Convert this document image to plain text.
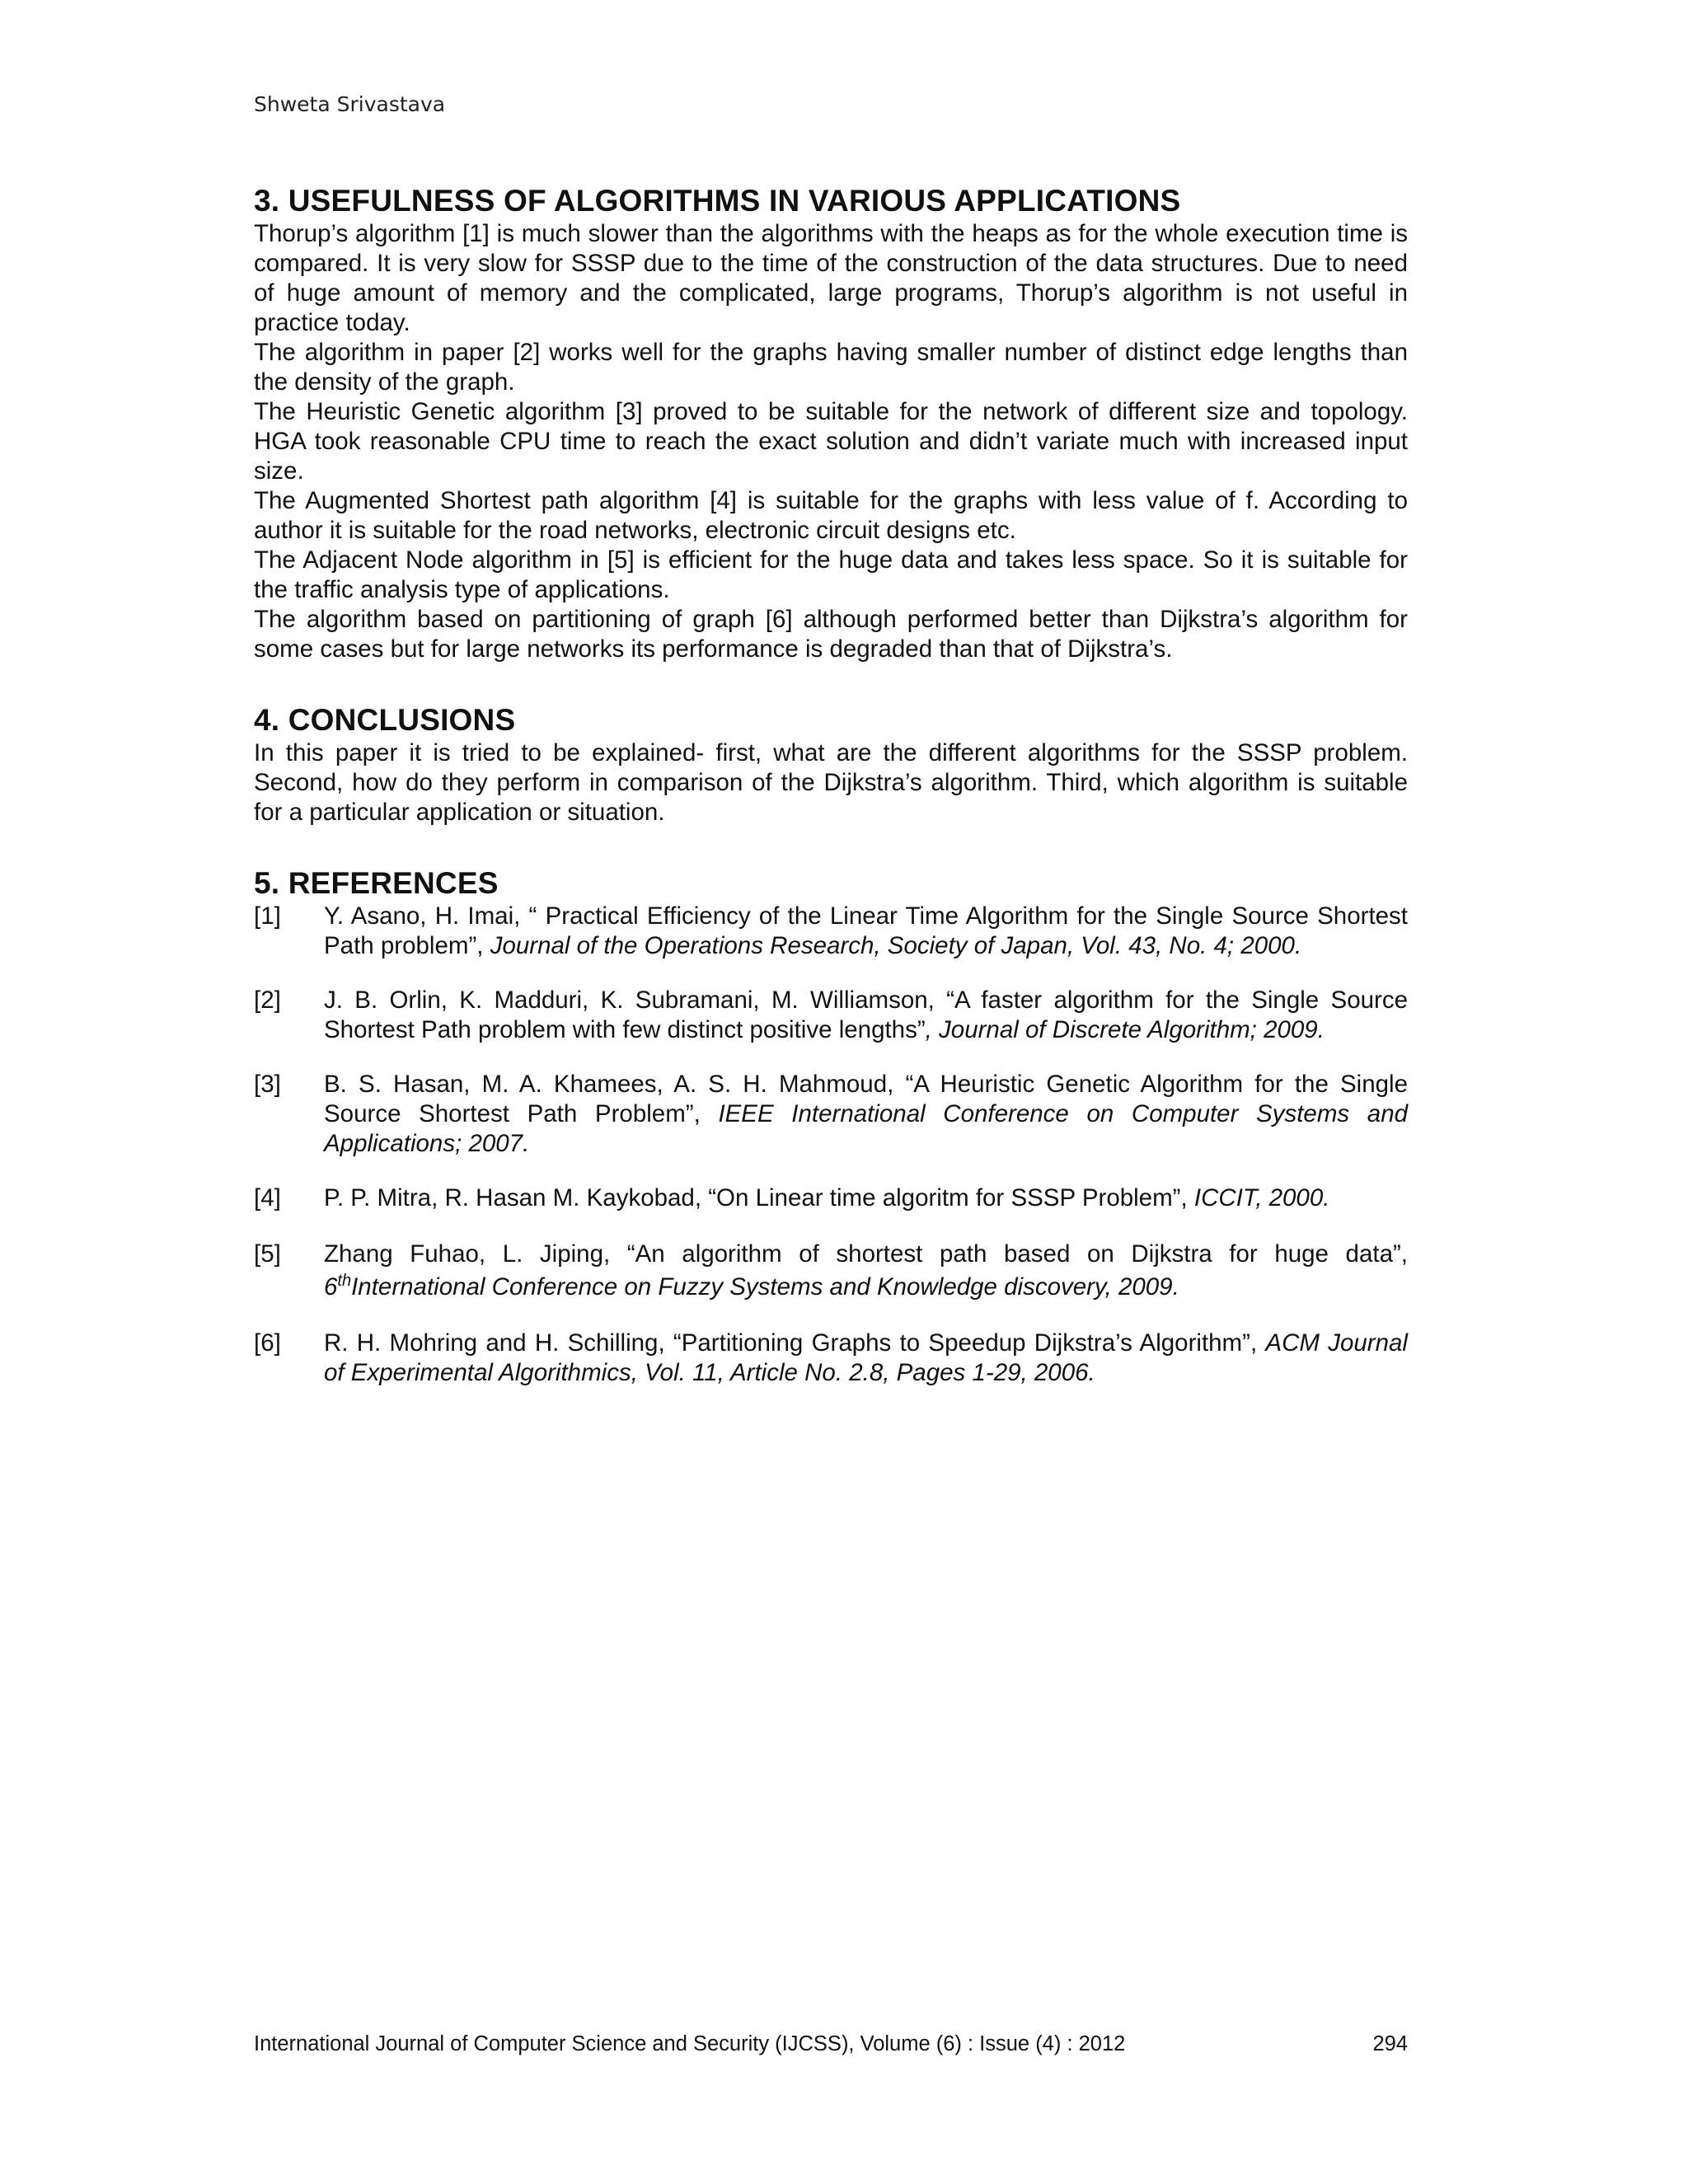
Shweta Srivastava
3. USEFULNESS OF ALGORITHMS IN VARIOUS APPLICATIONS

Thorup’s algorithm [1] is much slower than the algorithms with the heaps as for the whole execution time is compared. It is very slow for SSSP due to the time of the construction of the data structures. Due to need of huge amount of memory and the complicated, large programs, Thorup’s algorithm is not useful in practice today.

The algorithm in paper [2] works well for the graphs having smaller number of distinct edge lengths than the density of the graph.

The Heuristic Genetic algorithm [3] proved to be suitable for the network of different size and topology. HGA took reasonable CPU time to reach the exact solution and didn’t variate much with increased input size.

The Augmented Shortest path algorithm [4] is suitable for the graphs with less value of f. According to author it is suitable for the road networks, electronic circuit designs etc.

The Adjacent Node algorithm in [5] is efficient for the huge data and takes less space. So it is suitable for the traffic analysis type of applications.

The algorithm based on partitioning of graph [6] although performed better than Dijkstra’s algorithm for some cases but for large networks its performance is degraded than that of Dijkstra’s.

4. CONCLUSIONS

In this paper it is tried to be explained- first, what are the different algorithms for the SSSP problem. Second, how do they perform in comparison of the Dijkstra’s algorithm. Third, which algorithm is suitable for a particular application or situation.

5. REFERENCES
[1] Y. Asano, H. Imai, “ Practical Efficiency of the Linear Time Algorithm for the Single Source Shortest Path problem”, Journal of the Operations Research, Society of Japan, Vol. 43, No. 4; 2000.
[2] J. B. Orlin, K. Madduri, K. Subramani, M. Williamson, “A faster algorithm for the Single Source Shortest Path problem with few distinct positive lengths”, Journal of Discrete Algorithm; 2009.
[3] B. S. Hasan, M. A. Khamees, A. S. H. Mahmoud, “A Heuristic Genetic Algorithm for the Single Source Shortest Path Problem”, IEEE International Conference on Computer Systems and Applications; 2007.
[4] P. P. Mitra, R. Hasan M. Kaykobad, “On Linear time algoritm for SSSP Problem”, ICCIT, 2000.
[5] Zhang Fuhao, L. Jiping, “An algorithm of shortest path based on Dijkstra for huge data”, 6thInternational Conference on Fuzzy Systems and Knowledge discovery, 2009.
[6] R. H. Mohring and H. Schilling, “Partitioning Graphs to Speedup Dijkstra’s Algorithm”, ACM Journal of Experimental Algorithmics, Vol. 11, Article No. 2.8, Pages 1-29, 2006.
International Journal of Computer Science and Security (IJCSS), Volume (6) : Issue (4) : 2012	294
